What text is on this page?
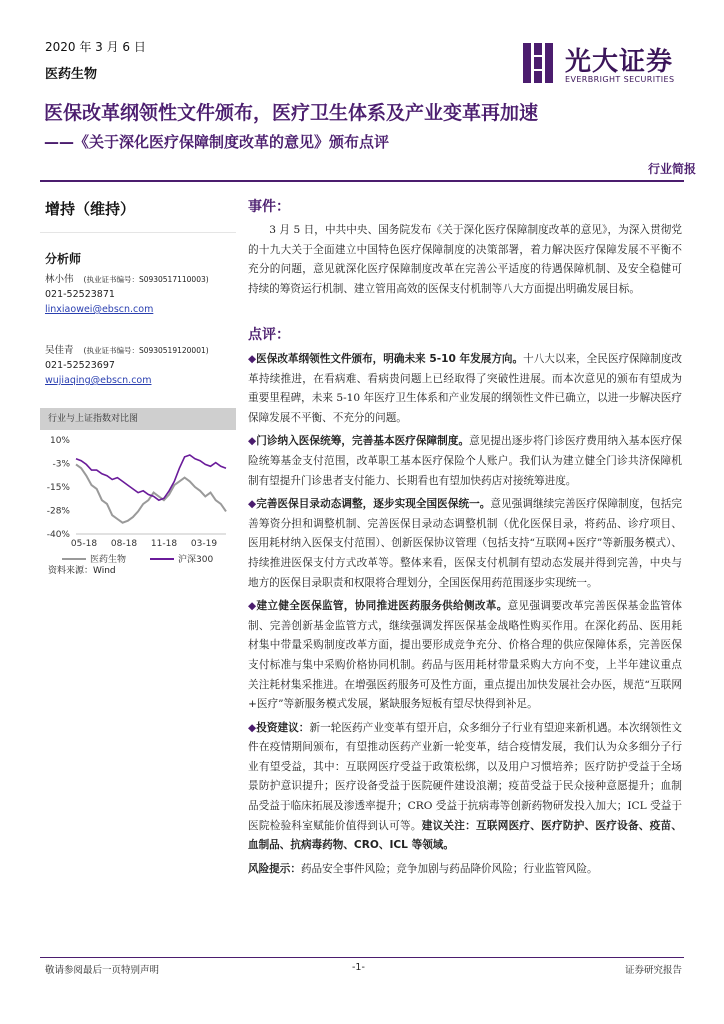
2020 年 3 月 6 日
医药生物	光大证券
EVERBRIGHT SECURITIES
医保改革纲领性文件颁布，医疗卫生体系及产业变革再加速
——《关于深化医疗保障制度改革的意见》颁布点评
行业简报
增持（维持）
分析师
林小伟 (执业证书编号：S0930517110003)
021-52523871
linxiaowei@ebscn.com
吴佳青 (执业证书编号：S0930519120001)
021-52523697
wujiaqing@ebscn.com
行业与上证指数对比图
10%
-3%
-15%
-28%
-40%
05-18 08-18 11-18 03-19
医药生物	沪深300
资料来源：Wind
事件：

3 月 5 日，中共中央、国务院发布《关于深化医疗保障制度改革的意见》，为深入贯彻党的十九大关于全面建立中国特色医疗保障制度的决策部署，着力解决医疗保障发展不平衡不充分的问题，意见就深化医疗保障制度改革在完善公平适度的待遇保障机制、及安全稳健可持续的筹资运行机制、建立管用高效的医保支付机制等八大方面提出明确发展目标。

点评：
◆医保改革纲领性文件颁布，明确未来 5-10 年发展方向。十八大以来，全民医疗保障制度改革持续推进，在看病难、看病贵问题上已经取得了突破性进展。而本次意见的颁布有望成为重要里程碑，未来 5-10 年医疗卫生体系和产业发展的纲领性文件已确立，以进一步解决医疗保障发展不平衡、不充分的问题。
◆门诊纳入医保统筹，完善基本医疗保障制度。意见提出逐步将门诊医疗费用纳入基本医疗保险统筹基金支付范围，改革职工基本医疗保险个人账户。我们认为建立健全门诊共济保障机制有望提升门诊患者支付能力、长期看也有望加快药店对接统筹进度。
◆完善医保目录动态调整，逐步实现全国医保统一。意见强调继续完善医疗保障制度，包括完善筹资分担和调整机制、完善医保目录动态调整机制（优化医保目录，将药品、诊疗项目、医用耗材纳入医保支付范围）、创新医保协议管理（包括支持“互联网+医疗”等新服务模式）、持续推进医保支付方式改革等。整体来看，医保支付机制有望动态发展并得到完善，中央与地方的医保目录职责和权限将合理划分，全国医保用药范围逐步实现统一。
◆建立健全医保监管，协同推进医药服务供给侧改革。意见强调要改革完善医保基金监管体制、完善创新基金监管方式，继续强调发挥医保基金战略性购买作用。在深化药品、医用耗材集中带量采购制度改革方面，提出要形成竞争充分、价格合理的供应保障体系，完善医保支付标准与集中采购价格协同机制。药品与医用耗材带量采购大方向不变，上半年建议重点关注耗材集采推进。在增强医药服务可及性方面，重点提出加快发展社会办医，规范“互联网+医疗”等新服务模式发展，紧缺服务短板有望尽快得到补足。
◆投资建议：新一轮医药产业变革有望开启，众多细分子行业有望迎来新机遇。本次纲领性文件在疫情期间颁布，有望推动医药产业新一轮变革，结合疫情发展，我们认为众多细分子行业有望受益，其中：互联网医疗受益于政策松绑，以及用户习惯培养；医疗防护受益于全场景防护意识提升；医疗设备受益于医院硬件建设浪潮；疫苗受益于民众接种意愿提升；血制品受益于临床拓展及渗透率提升；CRO 受益于抗病毒等创新药物研发投入加大；ICL 受益于医院检验科室赋能价值得到认可等。建议关注：互联网医疗、医疗防护、医疗设备、疫苗、血制品、抗病毒药物、CRO、ICL 等领域。
风险提示：药品安全事件风险；竞争加剧与药品降价风险；行业监管风险。
敬请参阅最后一页特别声明	-1-	证券研究报告
